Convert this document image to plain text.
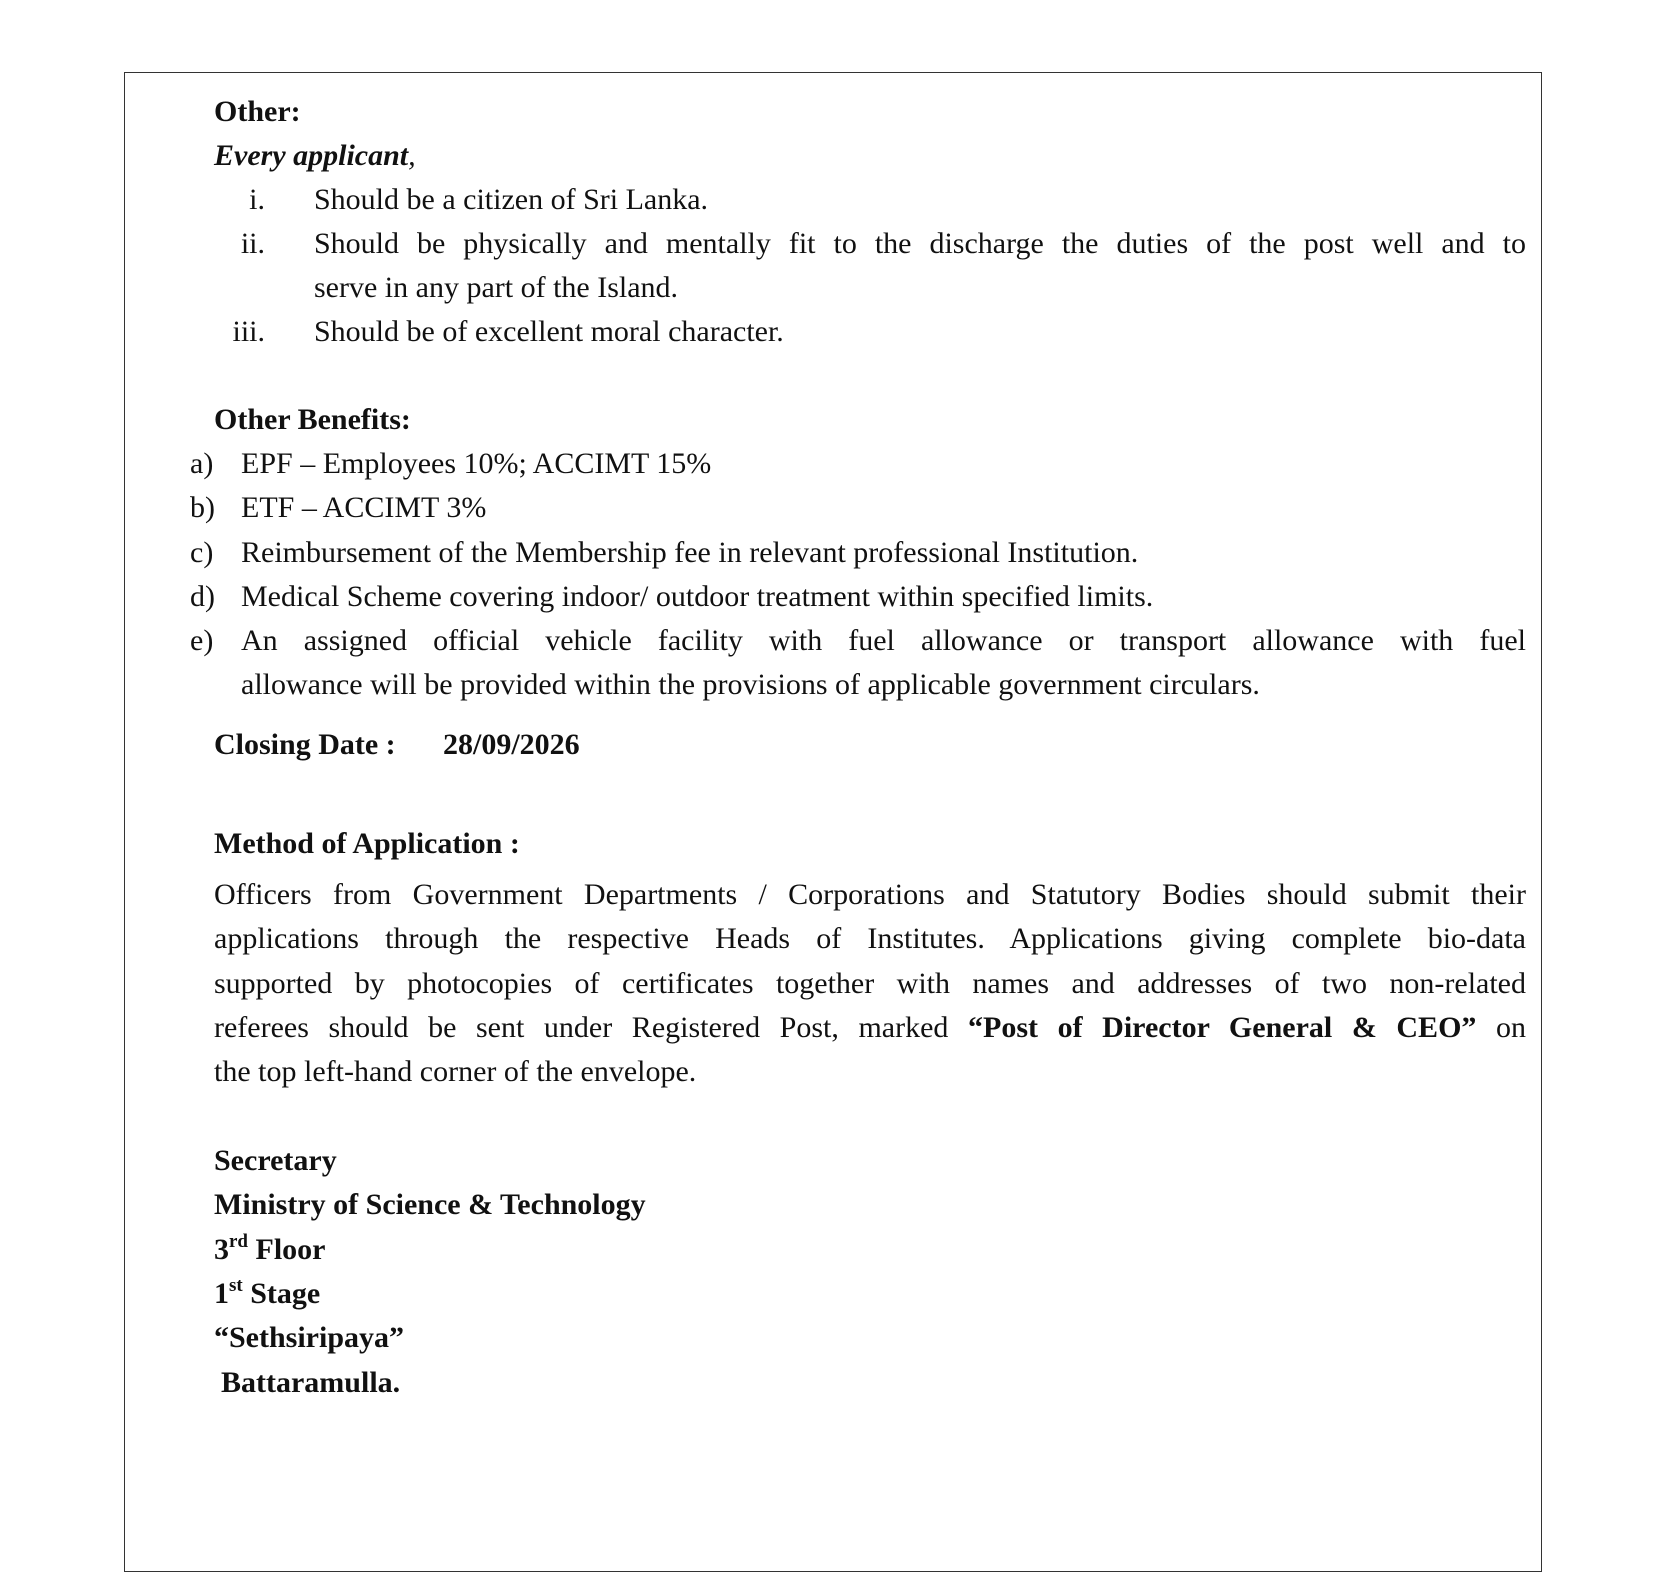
Other:
Every applicant,
i. Should be a citizen of Sri Lanka.
ii. Should be physically and mentally fit to the discharge the duties of the post well and to
serve in any part of the Island.
iii. Should be of excellent moral character.
Other Benefits:
a) EPF – Employees 10%; ACCIMT 15%
b) ETF – ACCIMT 3%
c) Reimbursement of the Membership fee in relevant professional Institution.
d) Medical Scheme covering indoor/ outdoor treatment within specified limits.
e) An assigned official vehicle facility with fuel allowance or transport allowance with fuel
allowance will be provided within the provisions of applicable government circulars.
Closing Date : 28/09/2026
Method of Application :
Officers from Government Departments / Corporations and Statutory Bodies should submit their
applications through the respective Heads of Institutes. Applications giving complete bio-data
supported by photocopies of certificates together with names and addresses of two non-related
referees should be sent under Registered Post, marked “Post of Director General & CEO” on
the top left-hand corner of the envelope.
Secretary
Ministry of Science & Technology
3rd Floor
1st Stage
“Sethsiripaya”
Battaramulla.
